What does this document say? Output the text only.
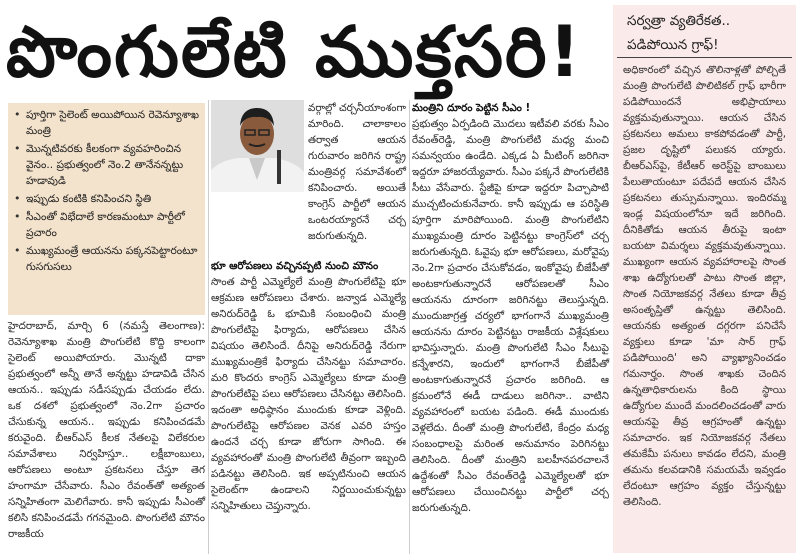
పొంగులేటి ముక్తసరి!
• పూర్తిగా సైలెంట్ అయిపోయిన రెవెన్యూశాఖ మంత్రి
• మొన్నటివరకు కీలకంగా వ్యవహరించిన వైనం.. ప్రభుత్వంలో నెం.2 తానేనన్నట్టు హడావుడి
• ఇప్పుడు కంటికి కనిపించని స్థితి
• సీఎంతో విభేదాలే కారణమంటూ పార్టీలో ప్రచారం
• ముఖ్యమంత్రే ఆయనను పక్కనపెట్టారంటూ గుసగుసలు

హైదరాబాద్, మార్చి 6 (నమస్తే తెలంగాణ): రెవెన్యూశాఖ మంత్రి పొంగులేటి కొద్ది కాలంగా సైలెంట్ అయిపోయారు. మొన్నటి దాకా ప్రభుత్వంలో అన్నీ తానే అన్నట్టు హడావిడి చేసిన ఆయన.. ఇప్పుడు సడీసప్పుడు చేయడం లేదు. ఒక దశలో ప్రభుత్వంలో నెం.2గా ప్రచారం చేసుకున్న ఆయన.. ఇప్పుడు కనిపించడమే కరువైంది. బీఆర్ఎస్ కీలక నేతలపై విలేకరుల సమావేశాలు నిర్వహిస్తూ.. లక్షీబాంబులు, ఆరోపణలు అంటూ ప్రకటనలు చేస్తూ తెగ హంగామా చేసేవారు. సీఎం రేవంత్‌తో అత్యంత సన్నిహితంగా మెలిగేవారు. కానీ ఇప్పుడు సీఎంతో కలిసి కనిపించడమే గగనమైంది. పొంగులేటి మౌనం రాజకీయ

వర్గాల్లో చర్చనీయాంశంగా మారింది. చాలాకాలం తర్వాత ఆయన గురువారం జరిగిన రాష్ట్ర మంత్రివర్గ సమావేశంలో కనిపించారు. అయితే కాంగ్రెస్ పార్టీలో ఆయన ఒంటరయ్యారనే చర్చ జరుగుతున్నది.

భూ ఆరోపణలు వచ్చినప్పటి నుంచి మౌనం

సొంత పార్టీ ఎమ్మెల్యేలే మంత్రి పొంగులేటిపై భూ ఆక్రమణ ఆరోపణలు చేశారు. జన్వాడ ఎమ్మెల్యే అనిరుద్‌రెడ్డి ఓ భూమికి సంబంధించి మంత్రి పొంగులేటిపై ఫిర్యాదు, ఆరోపణలు చేసిన విషయం తెలిసిందే. దీనిపై అనిరుద్‌రెడ్డి నేరుగా ముఖ్యమంత్రికే ఫిర్యాదు చేసినట్టు సమాచారం. మరి కొందరు కాంగ్రెస్ ఎమ్మెల్యేలు కూడా మంత్రి పొంగులేటిపై పలు ఆరోపణలు చేసినట్టు తెలిసింది. ఇదంతా అధిష్ఠానం ముందుకు కూడా వెళ్లింది. పొంగులేటిపై ఆరోపణల వెనక ఎవరి హస్తం ఉందనే చర్చ కూడా జోరుగా సాగింది. ఈ వ్యవహారంతో మంత్రి పొంగులేటి తీవ్రంగా ఇబ్బంది పడినట్టు తెలిసింది. ఇక అప్పటినుంచి ఆయన సైలెంట్‌గా ఉండాలని నిర్ణయించుకున్నట్టు సన్నిహితులు చెప్తున్నారు.

మంత్రిని దూరం పెట్టిన సీఎం !

ప్రభుత్వం ఏర్పడింది మొదలు ఇటీవలి వరకు సీఎం రేవంత్‌రెడ్డి, మంత్రి పొంగులేటి మధ్య మంచి సమన్వయం ఉండేది. ఎక్కడ ఏ మీటింగ్ జరిగినా ఇద్దరూ హాజరయ్యేవారు. సీఎం పక్కనే పొంగులేటికి సీటు వేసేవారు. స్టేజీపై కూడా ఇద్దరూ పిచ్చాపాటి ముచ్చటించుకునేవారు. కానీ ఇప్పుడు ఆ పరిస్థితి పూర్తిగా మారిపోయింది. మంత్రి పొంగులేటిని ముఖ్యమంత్రి దూరం పెట్టినట్టు కాంగ్రెస్‌లో చర్చ జరుగుతున్నది. ఓవైపు భూ ఆరోపణలు, మరోవైపు నెం.2గా ప్రచారం చేసుకోవడం, ఇంకోవైపు బీజేపీతో అంటకాగుతున్నారనే ఆరోపణలతో సీఎం ఆయనను దూరంగా జరిగినట్టు తెలుస్తున్నది. ముందుజాగ్రత్త చర్యలో భాగంగానే ముఖ్యమంత్రి ఆయనను దూరం పెట్టినట్టు రాజకీయ విశ్లేషకులు భావిస్తున్నారు. మంత్రి పొంగులేటి సీఎం సీటుపై కన్నేశారని, ఇందులో భాగంగానే బీజేపీతో అంటకాగుతున్నారనే ప్రచారం జరిగింది. ఆ క్రమంలోనే ఈడీ దాడులు జరిగినా.. వాటిని వ్యవహారంలో బయట పడింది. ఈడీ ముందుకు వెళ్లలేదు. దీంతో మంత్రి పొంగులేటి, కేంద్రం మధ్య సంబంధాలపై మరింత అనుమానం పెరిగినట్టు తెలిసింది. దీంతో మంత్రిని బలహీనపరచాలనే ఉద్దేశంతో సీఎం రేవంత్‌రెడ్డి ఎమ్మెల్యేలతో భూ ఆరోపణలు చేయించినట్టు పార్టీలో చర్చ జరుగుతున్నది.

సర్వత్రా వ్యతిరేకత.. పడిపోయిన గ్రాఫ్!
అధికారంలో వచ్చిన తొలినాళ్లతో పోల్చితే మంత్రి పొంగులేటి పొలిటికల్ గ్రాఫ్ భారీగా పడిపోయిందనే అభిప్రాయాలు వ్యక్తమవుతున్నాయి. ఆయన చేసిన ప్రకటనలు అమలు కాకపోవడంతో పార్టీ, ప్రజల దృష్టిలో పలుకన య్యారు. బీఆర్ఎస్‌పై, కేటీఆర్ అరెస్ట్‌పై బాంబులు పేలుతాయంటూ పదేపదే ఆయన చేసిన ప్రకటనలు తుస్సుమన్నాయి. ఇందిరమ్మ ఇండ్ల విషయంలోనూ ఇదే జరిగింది. దీనికితోడు ఆయన తీరుపై ఇంటా బయటా విమర్శలు వ్యక్తమవుతున్నాయి. ముఖ్యంగా ఆయన వ్యవహారాలపై సొంత శాఖ ఉద్యోగులతో పాటు సొంత జిల్లా, సొంత నియోజకవర్గ నేతలు కూడా తీవ్ర అసంతృప్తితో ఉన్నట్టు తెలిసింది. ఆయనకు అత్యంత దగ్గరగా పనిచేసే వ్యక్తులు కూడా 'మా సార్ గ్రాఫ్ పడిపోయింది' అని వ్యాఖ్యానించడం గమనార్హం. సొంత శాఖకు చెందిన ఉన్నతాధికారులను కింది స్థాయి ఉద్యోగుల ముందే మందలించడంతో వారు ఆయనపై తీవ్ర ఆగ్రహంతో ఉన్నట్టు సమాచారం. ఇక నియోజకవర్గ నేతలు తమకేమీ పనులు కావడం లేదని, మంత్రి తమను కలవడానికి సమయమే ఇవ్వడం లేదంటూ ఆగ్రహం వ్యక్తం చేస్తున్నట్టు తెలిసింది.
